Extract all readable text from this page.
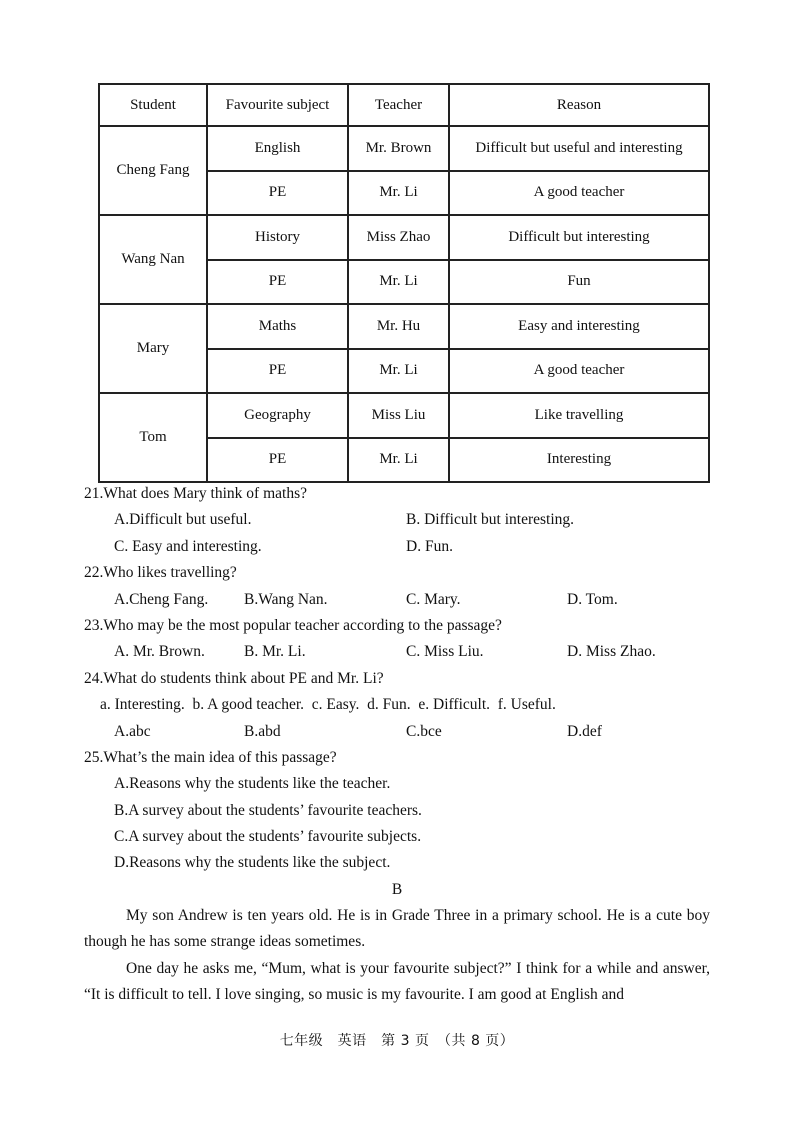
Student	Favourite subject	Teacher	Reason
Cheng Fang	English	Mr. Brown	Difficult but useful and interesting
	PE	Mr. Li	A good teacher
Wang Nan	History	Miss Zhao	Difficult but interesting
	PE	Mr. Li	Fun
Mary	Maths	Mr. Hu	Easy and interesting
	PE	Mr. Li	A good teacher
Tom	Geography	Miss Liu	Like travelling
	PE	Mr. Li	Interesting
21.What does Mary think of maths?
A.Difficult but useful.	B. Difficult but interesting.
C. Easy and interesting.	D. Fun.
22.Who likes travelling?
A.Cheng Fang. B.Wang Nan.	C. Mary.	D. Tom.
23.Who may be the most popular teacher according to the passage?
A. Mr. Brown.	B. Mr. Li.	C. Miss Liu.	D. Miss Zhao.
24.What do students think about PE and Mr. Li?
a. Interesting.  b. A good teacher.  c. Easy.  d. Fun.  e. Difficult.  f. Useful.
A.abc	B.abd	C.bce	D.def
25.What’s the main idea of this passage?
A.Reasons why the students like the teacher.
B.A survey about the students’ favourite teachers.
C.A survey about the students’ favourite subjects.
D.Reasons why the students like the subject.
B

My son Andrew is ten years old. He is in Grade Three in a primary school. He is a cute boy though he has some strange ideas sometimes.

One day he asks me, “Mum, what is your favourite subject?” I think for a while and answer, “It is difficult to tell. I love singing, so music is my favourite. I am good at English and

七年级　英语　第 3 页　（共 8 页）
